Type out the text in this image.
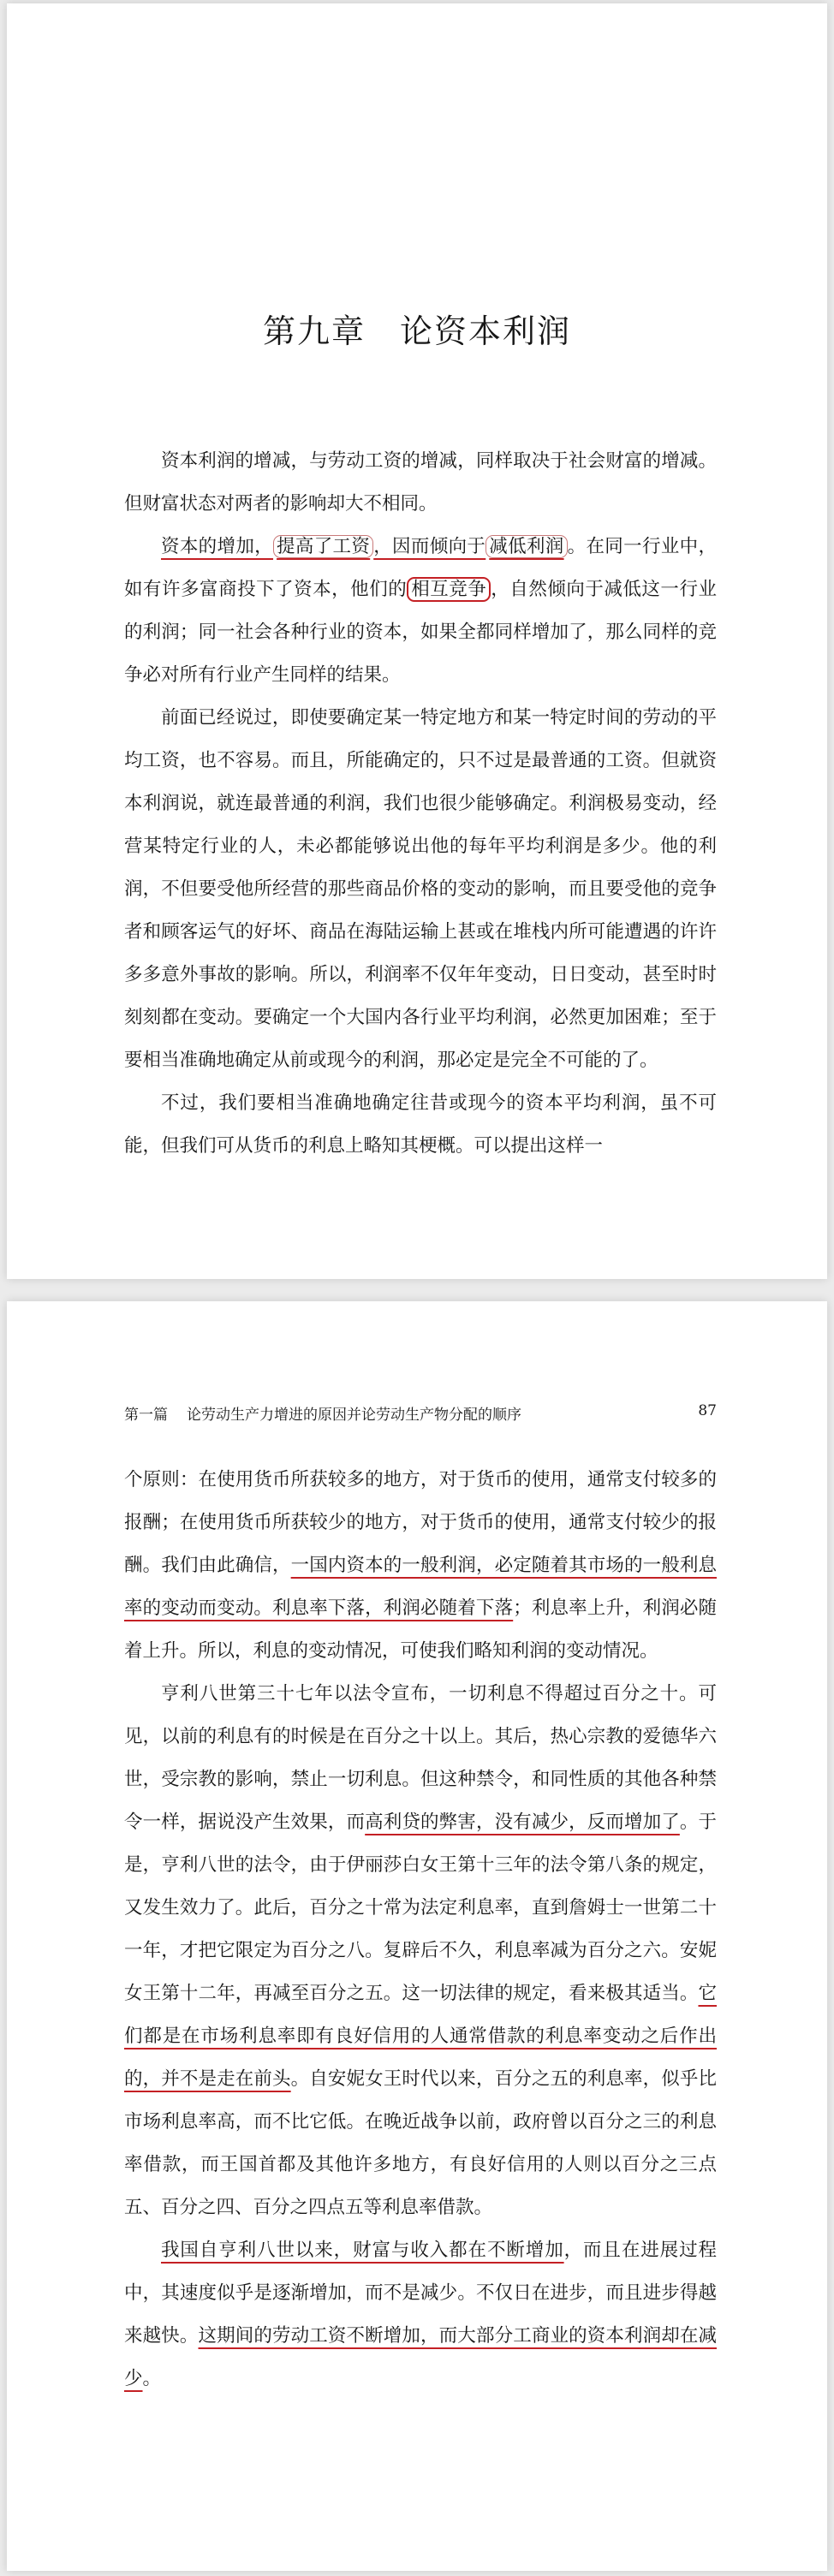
第九章　论资本利润

资本利润的增减，与劳动工资的增减，同样取决于社会财富的增减。但财富状态对两者的影响却大不相同。

资本的增加， 提高了工资 ，因而倾向于 减低利润 。在同一行业中，如有许多富商投下了资本，他们的 相互竞争 ，自然倾向于减低这一行业的利润；同一社会各种行业的资本，如果全都同样增加了，那么同样的竞争必对所有行业产生同样的结果。

前面已经说过，即使要确定某一特定地方和某一特定时间的劳动的平均工资，也不容易。而且，所能确定的，只不过是最普通的工资。但就资本利润说，就连最普通的利润，我们也很少能够确定。利润极易变动，经营某特定行业的人，未必都能够说出他的每年平均利润是多少。他的利润，不但要受他所经营的那些商品价格的变动的影响，而且要受他的竞争者和顾客运气的好坏、商品在海陆运输上甚或在堆栈内所可能遭遇的许许多多意外事故的影响。所以，利润率不仅年年变动，日日变动，甚至时时刻刻都在变动。要确定一个大国内各行业平均利润，必然更加困难；至于要相当准确地确定从前或现今的利润，那必定是完全不可能的了。

不过，我们要相当准确地确定往昔或现今的资本平均利润，虽不可能，但我们可从货币的利息上略知其梗概。可以提出这样一

第一篇 论劳动生产力增进的原因并论劳动生产物分配的顺序	87

个原则：在使用货币所获较多的地方，对于货币的使用，通常支付较多的报酬；在使用货币所获较少的地方，对于货币的使用，通常支付较少的报酬。我们由此确信，一国内资本的一般利润，必定随着其市场的一般利息率的变动而变动。利息率下落，利润必随着下落；利息率上升，利润必随着上升。所以，利息的变动情况，可使我们略知利润的变动情况。

亨利八世第三十七年以法令宣布，一切利息不得超过百分之十。可见，以前的利息有的时候是在百分之十以上。其后，热心宗教的爱德华六世，受宗教的影响，禁止一切利息。但这种禁令，和同性质的其他各种禁令一样，据说没产生效果，而高利贷的弊害，没有减少，反而增加了。于是，亨利八世的法令，由于伊丽莎白女王第十三年的法令第八条的规定，又发生效力了。此后，百分之十常为法定利息率，直到詹姆士一世第二十一年，才把它限定为百分之八。复辟后不久，利息率减为百分之六。安妮女王第十二年，再减至百分之五。这一切法律的规定，看来极其适当。它们都是在市场利息率即有良好信用的人通常借款的利息率变动之后作出的，并不是走在前头。自安妮女王时代以来，百分之五的利息率，似乎比市场利息率高，而不比它低。在晚近战争以前，政府曾以百分之三的利息率借款，而王国首都及其他许多地方，有良好信用的人则以百分之三点五、百分之四、百分之四点五等利息率借款。

我国自亨利八世以来，财富与收入都在不断增加，而且在进展过程中，其速度似乎是逐渐增加，而不是减少。不仅日在进步，而且进步得越来越快。这期间的劳动工资不断增加，而大部分工商业的资本利润却在减少。
